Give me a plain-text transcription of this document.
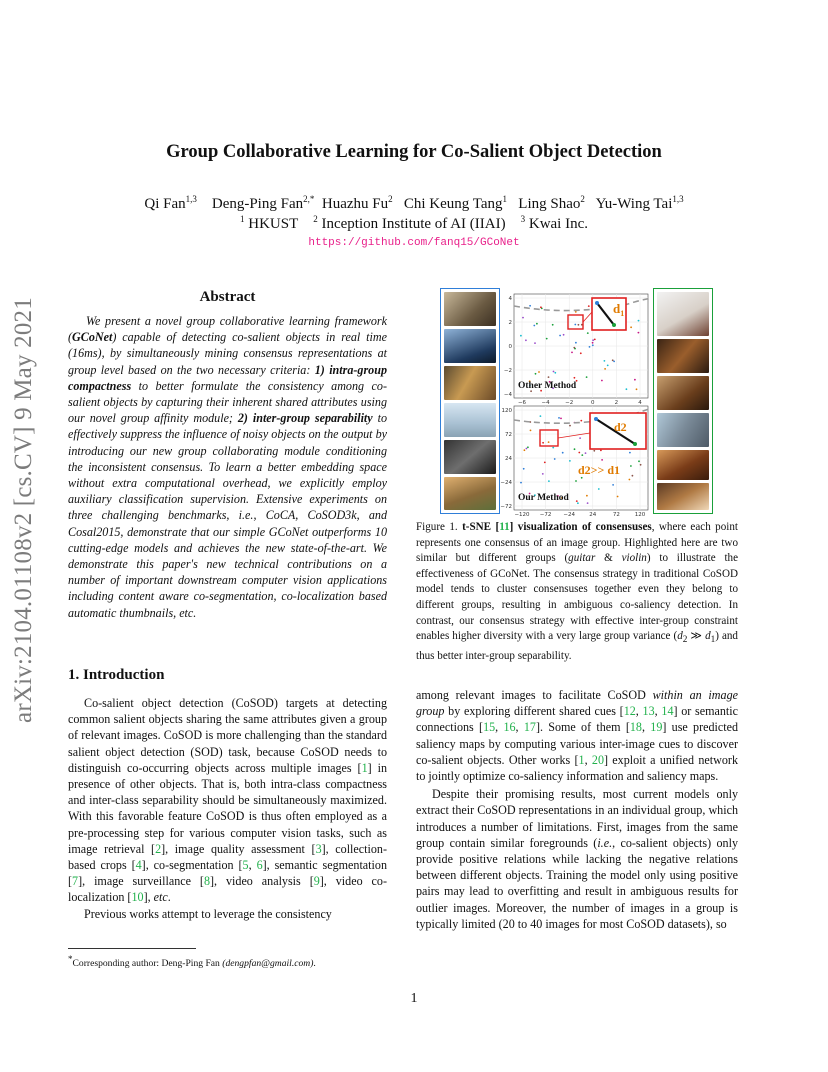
Group Collaborative Learning for Co-Salient Object Detection
Qi Fan$^{1,3}$    Deng-Ping Fan$^{2,*}$  Huazhu Fu$^2$   Chi Keung Tang$^1$   Ling Shao$^2$   Yu-Wing Tai$^{1,3}$
$^1$ HKUST    $^2$ Inception Institute of AI (IIAI)    $^3$ Kwai Inc.
https://github.com/fanq15/GCoNet
arXiv:2104.01108v2 [cs.CV] 9 May 2021
Abstract

We present a novel group collaborative learning framework (GCoNet) capable of detecting co-salient objects in real time (16ms), by simultaneously mining consensus representations at group level based on the two necessary criteria: 1) intra-group compactness to better formulate the consistency among co-salient objects by capturing their inherent shared attributes using our novel group affinity module; 2) inter-group separability to effectively suppress the influence of noisy objects on the output by introducing our new group collaborating module conditioning the inconsistent consensus. To learn a better embedding space without extra computational overhead, we explicitly employ auxiliary classification supervision. Extensive experiments on three challenging benchmarks, i.e., CoCA, CoSOD3k, and Cosal2015, demonstrate that our simple GCoNet outperforms 10 cutting-edge models and achieves the new state-of-the-art. We demonstrate this paper's new technical contributions on a number of important downstream computer vision applications including content aware co-segmentation, co-localization based automatic thumbnails, etc.

1. Introduction

Co-salient object detection (CoSOD) targets at detecting common salient objects sharing the same attributes given a group of relevant images. CoSOD is more challenging than the standard salient object detection (SOD) task, because CoSOD needs to distinguish co-occurring objects across multiple images [1] in presence of other objects. That is, both intra-class compactness and inter-class separability should be simultaneously maximized. With this favorable feature CoSOD is thus often employed as a pre-processing step for various computer vision tasks, such as image retrieval [2], image quality assessment [3], collection-based crops [4], co-segmentation [5, 6], semantic segmentation [7], image surveillance [8], video analysis [9], video co-localization [10], etc.

Previous works attempt to leverage the consistency

among relevant images to facilitate CoSOD within an image group by exploring different shared cues [12, 13, 14] or semantic connections [15, 16, 17]. Some of them [18, 19] use predicted saliency maps by computing various inter-image cues to discover co-salient objects. Other works [1, 20] exploit a unified network to jointly optimize co-saliency information and saliency maps.

Despite their promising results, most current models only extract their CoSOD representations in an individual group, which introduces a number of limitations. First, images from the same group contain similar foregrounds (i.e., co-salient objects) only provide positive relations while lacking the negative relations between different objects. Training the model only using positive pairs may lead to overfitting and result in ambiguous results for outlier images. Moreover, the number of images in a group is typically limited (20 to 40 images for most CoSOD datasets), so

*Corresponding author: Deng-Ping Fan (dengpfan@gmail.com).
1
4
2
0
−2
−4
−6	−4	−2	0	2	4
$d_1$
Other Method
120
72
24
−24
−72
−120 −72 −24	24	72	120
d2
d2>> d1
Our Method
Figure 1. t-SNE [11] visualization of consensuses, where each point represents one consensus of an image group. Highlighted here are two similar but different groups (guitar & violin) to illustrate the effectiveness of GCoNet. The consensus strategy in traditional CoSOD model tends to cluster consensuses together even they belong to different groups, resulting in ambiguous co-saliency detection. In contrast, our consensus strategy with effective inter-group constraint enables higher diversity with a very large group variance ($d_2$ ≫ $d_1$) and thus better inter-group separability.
